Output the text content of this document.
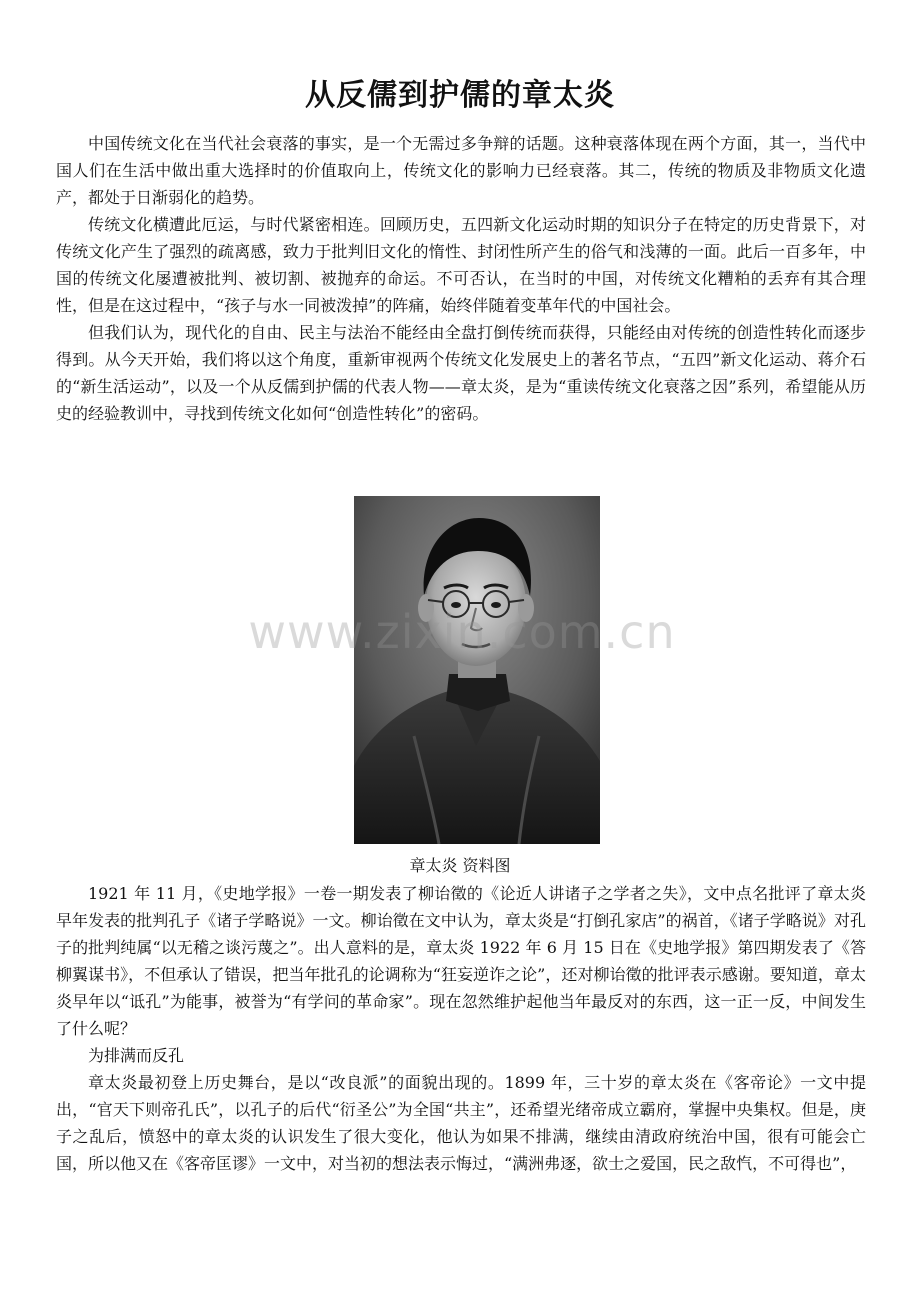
从反儒到护儒的章太炎

中国传统文化在当代社会衰落的事实，是一个无需过多争辩的话题。这种衰落体现在两个方面，其一，当代中国人们在生活中做出重大选择时的价值取向上，传统文化的影响力已经衰落。其二，传统的物质及非物质文化遗产，都处于日渐弱化的趋势。

传统文化横遭此厄运，与时代紧密相连。回顾历史，五四新文化运动时期的知识分子在特定的历史背景下，对传统文化产生了强烈的疏离感，致力于批判旧文化的惰性、封闭性所产生的俗气和浅薄的一面。此后一百多年，中国的传统文化屡遭被批判、被切割、被抛弃的命运。不可否认，在当时的中国，对传统文化糟粕的丢弃有其合理性，但是在这过程中，“孩子与水一同被泼掉”的阵痛，始终伴随着变革年代的中国社会。

但我们认为，现代化的自由、民主与法治不能经由全盘打倒传统而获得，只能经由对传统的创造性转化而逐步得到。从今天开始，我们将以这个角度，重新审视两个传统文化发展史上的著名节点，“五四”新文化运动、蒋介石的“新生活运动”，以及一个从反儒到护儒的代表人物——章太炎，是为“重读传统文化衰落之因”系列，希望能从历史的经验教训中，寻找到传统文化如何“创造性转化”的密码。

www.zixin.com.cn
章太炎 资料图

1921 年 11 月，《史地学报》一卷一期发表了柳诒徵的《论近人讲诸子之学者之失》，文中点名批评了章太炎早年发表的批判孔子《诸子学略说》一文。柳诒徵在文中认为，章太炎是“打倒孔家店”的祸首，《诸子学略说》对孔子的批判纯属“以无稽之谈污蔑之”。出人意料的是，章太炎 1922 年 6 月 15 日在《史地学报》第四期发表了《答柳翼谋书》，不但承认了错误，把当年批孔的论调称为“狂妄逆诈之论”，还对柳诒徵的批评表示感谢。要知道，章太炎早年以“诋孔”为能事，被誉为“有学问的革命家”。现在忽然维护起他当年最反对的东西，这一正一反，中间发生了什么呢？

为排满而反孔

章太炎最初登上历史舞台，是以“改良派”的面貌出现的。1899 年，三十岁的章太炎在《客帝论》一文中提出，“官天下则帝孔氏”，以孔子的后代“衍圣公”为全国“共主”，还希望光绪帝成立霸府，掌握中央集权。但是，庚子之乱后，愤怒中的章太炎的认识发生了很大变化，他认为如果不排满，继续由清政府统治中国，很有可能会亡国，所以他又在《客帝匡谬》一文中，对当初的想法表示悔过，“满洲弗逐，欲士之爱国，民之敌忾，不可得也”，
